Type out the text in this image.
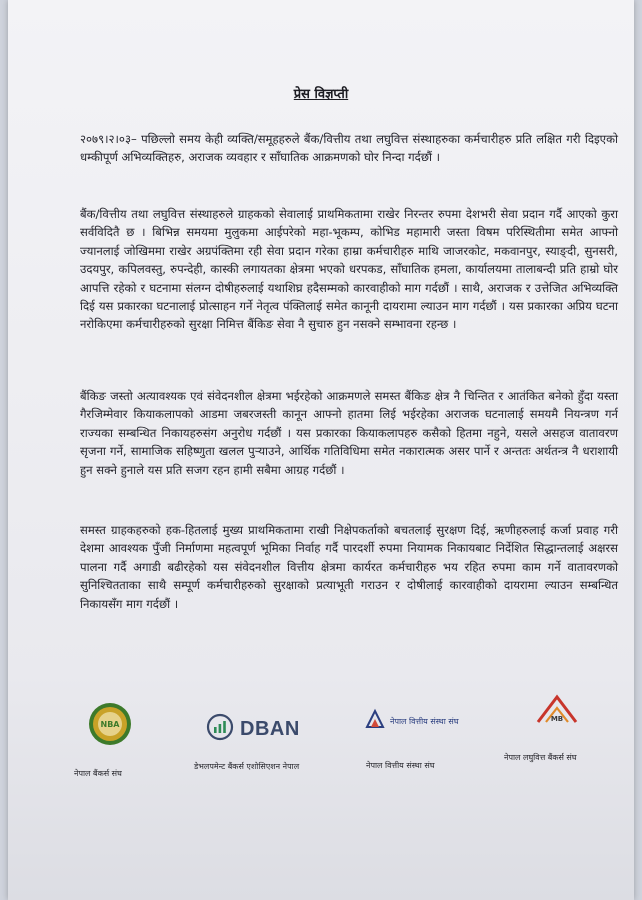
प्रेस विज्ञप्ती

२०७९।२।०३– पछिल्लो समय केही व्यक्ति/समूहहरुले बैंक/वित्तीय तथा लघुवित्त संस्थाहरुका कर्मचारीहरु प्रति लक्षित गरी दिइएको धम्कीपूर्ण अभिव्यक्तिहरु, अराजक व्यवहार र साँघातिक आक्रमणको घोर निन्दा गर्दछौं ।

बैंक/वित्तीय तथा लघुवित्त संस्थाहरुले ग्राहकको सेवालाई प्राथमिकतामा राखेर निरन्तर रुपमा देशभरी सेवा प्रदान गर्दै आएको कुरा सर्वविदितै छ । बिभिन्न समयमा मुलुकमा आईपरेको महा-भूकम्प, कोभिड महामारी जस्ता विषम परिस्थितीमा समेत आफ्नो ज्यानलाई जोखिममा राखेर अग्रपंक्तिमा रही सेवा प्रदान गरेका हाम्रा कर्मचारीहरु माथि जाजरकोट, मकवानपुर, स्याङ्दी, सुनसरी, उदयपुर, कपिलवस्तु, रुपन्देही, कास्की लगायतका क्षेत्रमा भएको धरपकड, साँघातिक हमला, कार्यालयमा तालाबन्दी प्रति हाम्रो घोर आपत्ति रहेको र घटनामा संलग्न दोषीहरुलाई यथाशिघ्र हदैसम्मको कारवाहीको माग गर्दछौं । साथै, अराजक र उत्तेजित अभिव्यक्ति दिई यस प्रकारका घटनालाई प्रोत्साहन गर्ने नेतृत्व पंक्तिलाई समेत कानूनी दायरामा ल्याउन माग गर्दछौं । यस प्रकारका अप्रिय घटना नरोकिएमा कर्मचारीहरुको सुरक्षा निमित्त बैंकिङ सेवा नै सुचारु हुन नसक्ने सम्भावना रहन्छ ।

बैंकिङ जस्तो अत्यावश्यक एवं संवेदनशील क्षेत्रमा भईरहेको आक्रमणले समस्त बैंकिङ क्षेत्र नै चिन्तित र आतंकित बनेको हुँदा यस्ता गैरजिम्मेवार कियाकलापको आडमा जबरजस्ती कानून आफ्नो हातमा लिई भईरहेका अराजक घटनालाई समयमै नियन्त्रण गर्न राज्यका सम्बन्धित निकायहरुसंग अनुरोध गर्दछौं । यस प्रकारका कियाकलापहरु कसैको हितमा नहुने, यसले असहज वातावरण सृजना गर्ने, सामाजिक सहिष्णुता खलल पुर्‍याउने, आर्थिक गतिविधिमा समेत नकारात्मक असर पार्ने र अन्ततः अर्थतन्त्र नै धराशायी हुन सक्ने हुनाले यस प्रति सजग रहन हामी सबैमा आग्रह गर्दछौं ।

समस्त ग्राहकहरुको हक-हितलाई मुख्य प्राथमिकतामा राखी निक्षेपकर्ताको बचतलाई सुरक्षण दिई, ऋणीहरुलाई कर्जा प्रवाह गरी देशमा आवश्यक पुँजी निर्माणमा महत्वपूर्ण भूमिका निर्वाह गर्दै पारदर्शी रुपमा नियामक निकायबाट निर्देशित सिद्धान्तलाई अक्षरस पालना गर्दै अगाडी बढीरहेको यस संवेदनशील वित्तीय क्षेत्रमा कार्यरत कर्मचारीहरु भय रहित रुपमा काम गर्ने वातावरणको सुनिश्चितताका साथै सम्पूर्ण कर्मचारीहरुको सुरक्षाको प्रत्याभूती गराउन र दोषीलाई कारवाहीको दायरामा ल्याउन सम्बन्धित निकायसँग माग गर्दछौं ।

NBA
नेपाल बैंकर्स संघ
DBAN
डेभलपमेन्ट बैंकर्स एशोसिएशन नेपाल
नेपाल वित्तीय संस्था संघ
नेपाल वित्तीय संस्था संघ
MB
नेपाल लघुवित्त बैंकर्स संघ
